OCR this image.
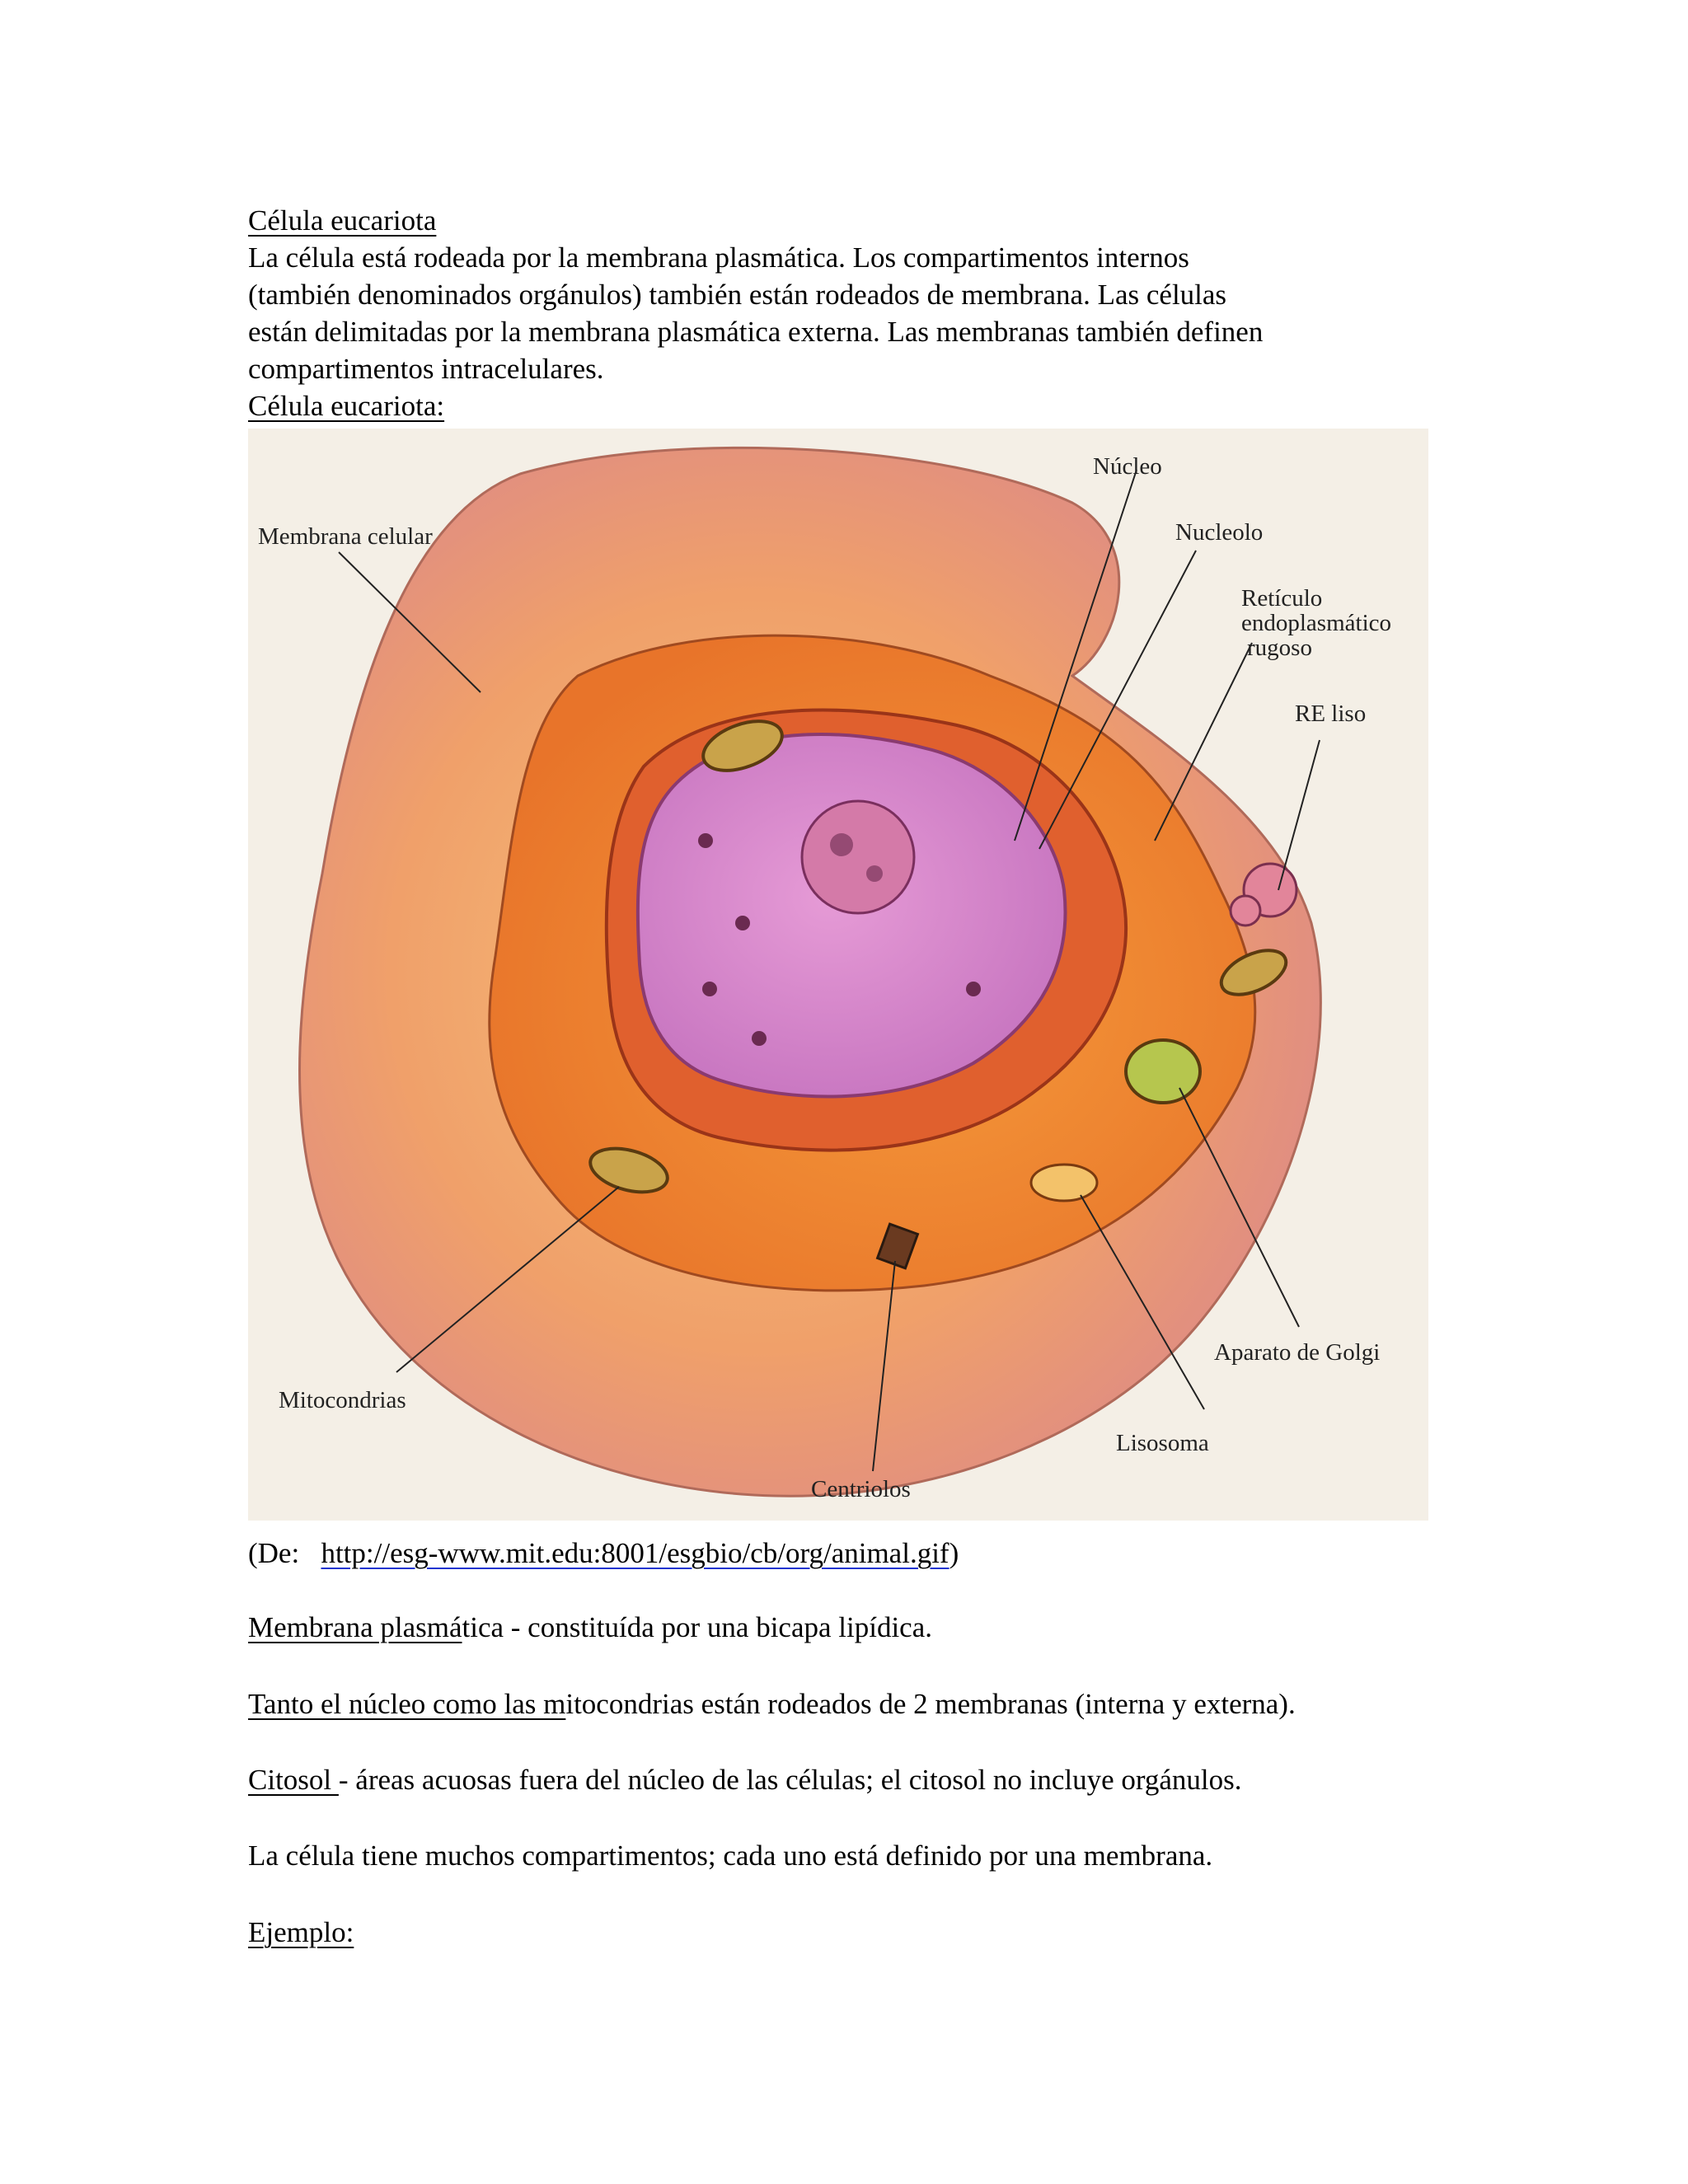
Célula eucariota

La célula está rodeada por la membrana plasmática. Los compartimentos internos

(también denominados orgánulos) también están rodeados de membrana. Las células

están delimitadas por la membrana plasmática externa. Las membranas también definen

compartimentos intracelulares.

Célula eucariota:
Membrana celular
Núcleo
Nucleolo
Retículo
endoplasmático
rugoso
RE liso
Aparato de Golgi
Mitocondrias
Lisosoma
Centriolos
(De: http://esg-www.mit.edu:8001/esgbio/cb/org/animal.gif)
Membrana plasmática - constituída por una bicapa lipídica.
Tanto el núcleo como las mitocondrias están rodeados de 2 membranas (interna y externa).
Citosol - áreas acuosas fuera del núcleo de las células; el citosol no incluye orgánulos.
La célula tiene muchos compartimentos; cada uno está definido por una membrana.
Ejemplo:
